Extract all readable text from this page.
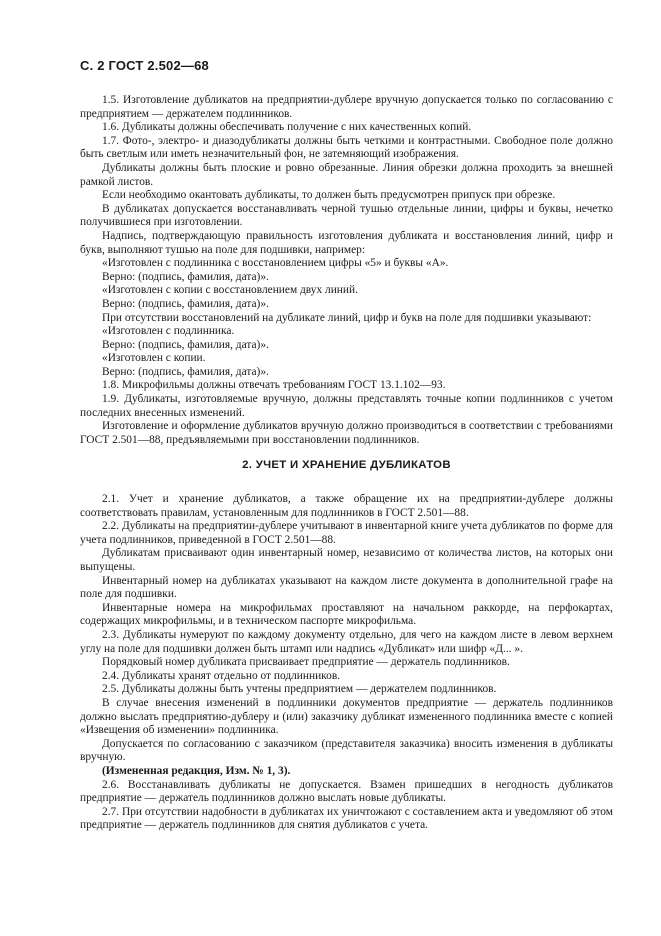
С. 2 ГОСТ 2.502—68

1.5. Изготовление дубликатов на предприятии-дублере вручную допускается только по согласованию с предприятием — держателем подлинников.

1.6. Дубликаты должны обеспечивать получение с них качественных копий.

1.7. Фото-, электро- и диазодубликаты должны быть четкими и контрастными. Свободное поле должно быть светлым или иметь незначительный фон, не затемняющий изображения.

Дубликаты должны быть плоские и ровно обрезанные. Линия обрезки должна проходить за внешней рамкой листов.

Если необходимо окантовать дубликаты, то должен быть предусмотрен припуск при обрезке.

В дубликатах допускается восстанавливать черной тушью отдельные линии, цифры и буквы, нечетко получившиеся при изготовлении.

Надпись, подтверждающую правильность изготовления дубликата и восстановления линий, цифр и букв, выполняют тушью на поле для подшивки, например:

«Изготовлен с подлинника с восстановлением цифры «5» и буквы «А».

Верно: (подпись, фамилия, дата)».

«Изготовлен с копии с восстановлением двух линий.

Верно: (подпись, фамилия, дата)».

При отсутствии восстановлений на дубликате линий, цифр и букв на поле для подшивки указывают:

«Изготовлен с подлинника.

Верно: (подпись, фамилия, дата)».

«Изготовлен с копии.

Верно: (подпись, фамилия, дата)».

1.8. Микрофильмы должны отвечать требованиям ГОСТ 13.1.102—93.

1.9. Дубликаты, изготовляемые вручную, должны представлять точные копии подлинников с учетом последних внесенных изменений.

Изготовление и оформление дубликатов вручную должно производиться в соответствии с требованиями ГОСТ 2.501—88, предъявляемыми при восстановлении подлинников.

2. УЧЕТ И ХРАНЕНИЕ ДУБЛИКАТОВ

2.1. Учет и хранение дубликатов, а также обращение их на предприятии-дублере должны соответствовать правилам, установленным для подлинников в ГОСТ 2.501—88.

2.2. Дубликаты на предприятии-дублере учитывают в инвентарной книге учета дубликатов по форме для учета подлинников, приведенной в ГОСТ 2.501—88.

Дубликатам присваивают один инвентарный номер, независимо от количества листов, на которых они выпущены.

Инвентарный номер на дубликатах указывают на каждом листе документа в дополнительной графе на поле для подшивки.

Инвентарные номера на микрофильмах проставляют на начальном раккорде, на перфокартах, содержащих микрофильмы, и в техническом паспорте микрофильма.

2.3. Дубликаты нумеруют по каждому документу отдельно, для чего на каждом листе в левом верхнем углу на поле для подшивки должен быть штамп или надпись «Дубликат» или шифр «Д... ».

Порядковый номер дубликата присваивает предприятие — держатель подлинников.

2.4. Дубликаты хранят отдельно от подлинников.

2.5. Дубликаты должны быть учтены предприятием — держателем подлинников.

В случае внесения изменений в подлинники документов предприятие — держатель подлинников должно выслать предприятию-дублеру и (или) заказчику дубликат измененного подлинника вместе с копией «Извещения об изменении» подлинника.

Допускается по согласованию с заказчиком (представителя заказчика) вносить изменения в дубликаты вручную.

(Измененная редакция, Изм. № 1, 3).

2.6. Восстанавливать дубликаты не допускается. Взамен пришедших в негодность дубликатов предприятие — держатель подлинников должно выслать новые дубликаты.

2.7. При отсутствии надобности в дубликатах их уничтожают с составлением акта и уведомляют об этом предприятие — держатель подлинников для снятия дубликатов с учета.
